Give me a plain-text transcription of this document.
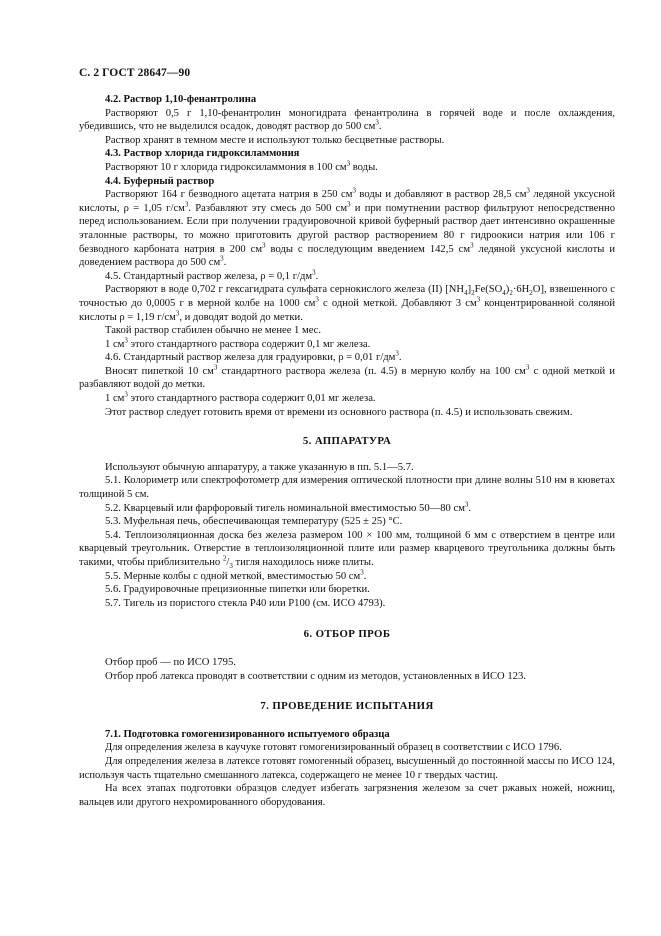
С. 2 ГОСТ 28647—90

4.2. Раствор 1,10-фенантролина

Растворяют 0,5 г 1,10-фенантролин моногидрата фенантролина в горячей воде и после охлаждения, убедившись, что не выделился осадок, доводят раствор до 500 $см^3$.

Раствор хранят в темном месте и используют только бесцветные растворы.

4.3. Раствор хлорида гидроксиламмония

Растворяют 10 г хлорида гидроксиламмония в 100 $см^3$ воды.

4.4. Буферный раствор

Растворяют 164 г безводного ацетата натрия в 250 $см^3$ воды и добавляют в раствор 28,5 $см^3$ ледяной уксусной кислоты, ρ = 1,05 $г/см^3$. Разбавляют эту смесь до 500 $см^3$ и при помутнении раствор фильтруют непосредственно перед использованием. Если при получении градуировочной кривой буферный раствор дает интенсивно окрашенные эталонные растворы, то можно приготовить другой раствор растворением 80 г гидроокиси натрия или 106 г безводного карбоната натрия в 200 $см^3$ воды с последующим введением 142,5 $см^3$ ледяной уксусной кислоты и доведением раствора до 500 $см^3$.

4.5. Стандартный раствор железа, ρ = 0,1 $г/дм^3$.

Растворяют в воде 0,702 г гексагидрата сульфата сернокислого железа (II) $[NH_4]_2Fe(SO_4)_2\cdot 6H_2O$], взвешенного с точностью до 0,0005 г в мерной колбе на 1000 $см^3$ с одной меткой. Добавляют 3 $см^3$ концентрированной соляной кислоты ρ = 1,19 $г/см^3$, и доводят водой до метки.

Такой раствор стабилен обычно не менее 1 мес.

1 $см^3$ этого стандартного раствора содержит 0,1 мг железа.

4.6. Стандартный раствор железа для градуировки, ρ = 0,01 $г/дм^3$.

Вносят пипеткой 10 $см^3$ стандартного раствора железа (п. 4.5) в мерную колбу на 100 $см^3$ с одной меткой и разбавляют водой до метки.

1 $см^3$ этого стандартного раствора содержит 0,01 мг железа.

Этот раствор следует готовить время от времени из основного раствора (п. 4.5) и использовать свежим.

5. АППАРАТУРА

Используют обычную аппаратуру, а также указанную в пп. 5.1—5.7.

5.1. Колориметр или спектрофотометр для измерения оптической плотности при длине волны 510 нм в кюветах толщиной 5 см.

5.2. Кварцевый или фарфоровый тигель номинальной вместимостью 50—80 $см^3$.

5.3. Муфельная печь, обеспечивающая температуру (525 ± 25) °С.

5.4. Теплоизоляционная доска без железа размером 100 × 100 мм, толщиной 6 мм с отверстием в центре или кварцевый треугольник. Отверстие в теплоизоляционной плите или размер кварцевого треугольника должны быть такими, чтобы приблизительно $^2/_3$ тигля находилось ниже плиты.

5.5. Мерные колбы с одной меткой, вместимостью 50 $см^3$.

5.6. Градуировочные прецизионные пипетки или бюретки.

5.7. Тигель из пористого стекла Р40 или Р100 (см. ИСО 4793).

6. ОТБОР ПРОБ

Отбор проб — по ИСО 1795.

Отбор проб латекса проводят в соответствии с одним из методов, установленных в ИСО 123.

7. ПРОВЕДЕНИЕ ИСПЫТАНИЯ

7.1. Подготовка гомогенизированного испытуемого образца

Для определения железа в каучуке готовят гомогенизированный образец в соответствии с ИСО 1796.

Для определения железа в латексе готовят гомогенный образец, высушенный до постоянной массы по ИСО 124, используя часть тщательно смешанного латекса, содержащего не менее 10 г твердых частиц.

На всех этапах подготовки образцов следует избегать загрязнения железом за счет ржавых ножей, ножниц, вальцев или другого нехромированного оборудования.
